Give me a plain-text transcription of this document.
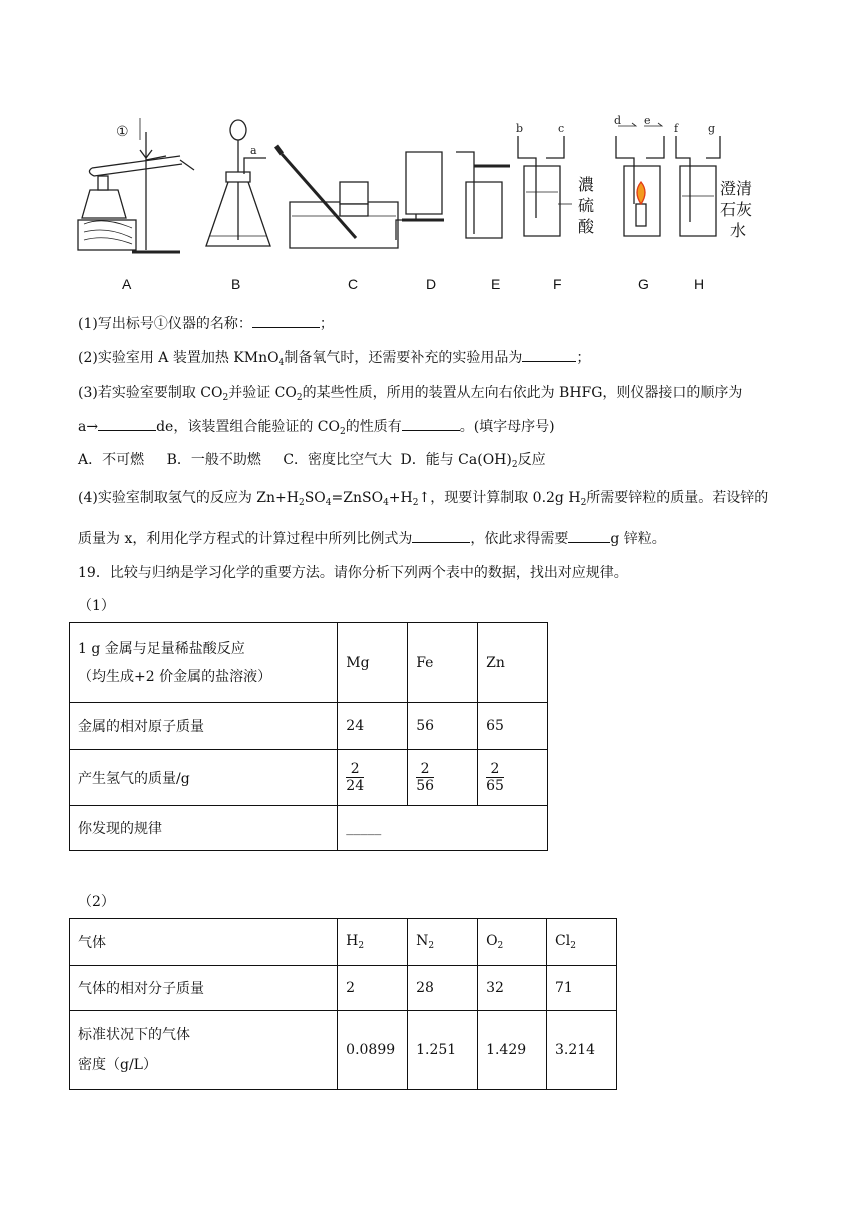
①
a
b	c
d e
f	g
濃
硫
酸
澄清
石灰
水
A	B	C	D	E	F	G	H
(1)写出标号①仪器的名称：	；
(2)实验室用 A 装置加热 KMnO$_4$制备氧气时，还需要补充的实验用品为	；
(3)若实验室要制取 $CO_2$并验证 $CO_2$的某些性质，所用的装置从左向右依此为 BHFG，则仪器接口的顺序为
a→	de，该装置组合能验证的 $CO_2$的性质有	。(填字母序号)
A．不可燃 B．一般不助燃 C．密度比空气大 D．能与 $Ca(OH)_2$反应
(4)实验室制取氢气的反应为 $Zn+H_2SO_4=ZnSO_4+H_2↑$，现要计算制取 0.2g $H_2$所需要锌粒的质量。若设锌的
质量为 x，利用化学方程式的计算过程中所列比例式为	，依此求得需要	g 锌粒。
19．比较与归纳是学习化学的重要方法。请你分析下列两个表中的数据，找出对应规律。
（1）
1 g 金属与足量稀盐酸反应
（均生成+2 价金属的盐溶液）	Mg	Fe	Zn
金属的相对原子质量	24	56	65
产生氢气的质量/g	$\frac{2}{24}$	$\frac{2}{56}$	$\frac{2}{65}$

你发现的规律	_____		
（2）
气体	$H_2$	$N_2$	$O_2$	$Cl_2$
气体的相对分子质量	2	28	32	71

标准状况下的气体
密度（g/L）	0.0899	1.251	1.429	3.214
